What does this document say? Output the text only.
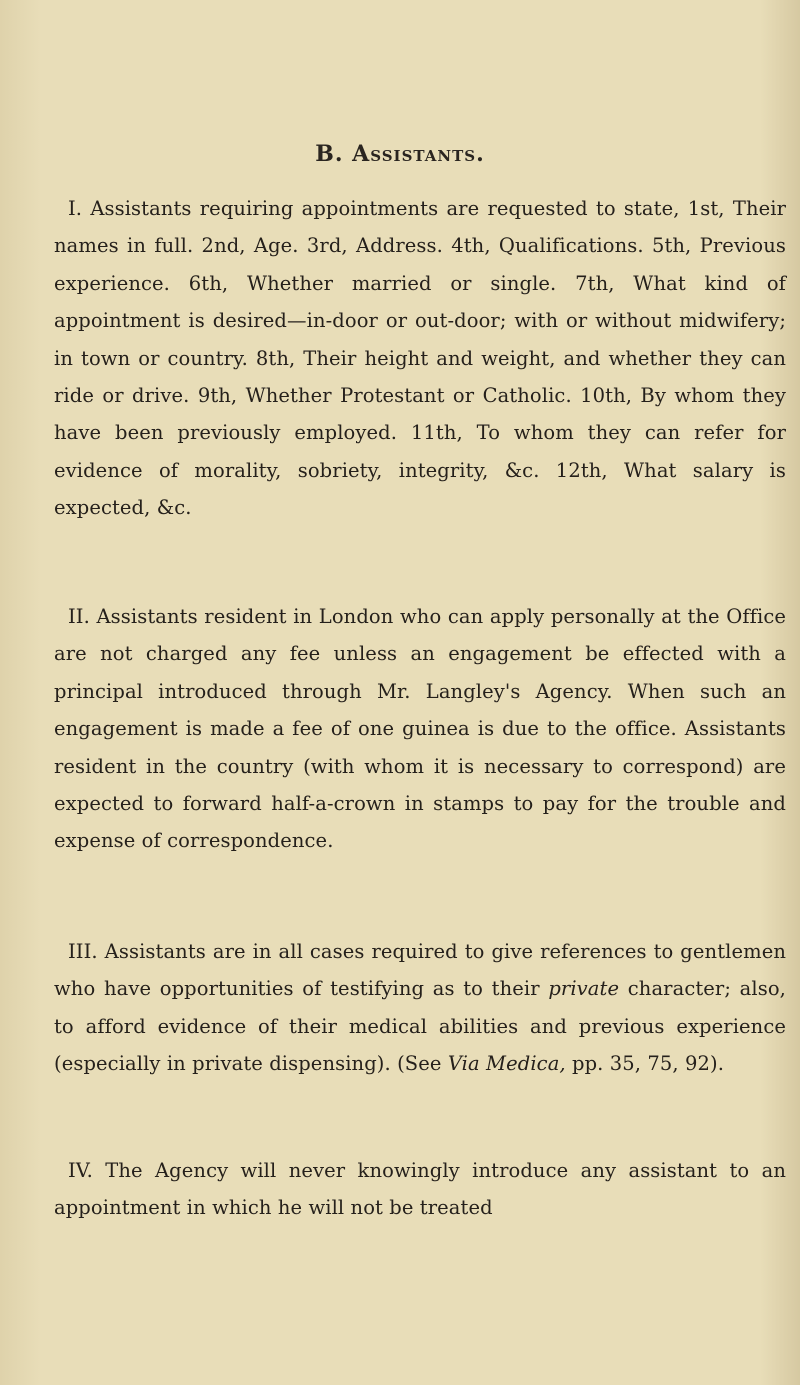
B. Assistants.

I. Assistants requiring appointments are requested to state, 1st, Their names in full. 2nd, Age. 3rd, Address. 4th, Qualifications. 5th, Previous experience. 6th, Whether married or single. 7th, What kind of appointment is desired—in-door or out-door; with or without midwifery; in town or country. 8th, Their height and weight, and whether they can ride or drive. 9th, Whether Protestant or Catholic. 10th, By whom they have been previously employed. 11th, To whom they can refer for evidence of morality, sobriety, integrity, &c. 12th, What salary is expected, &c.

II. Assistants resident in London who can apply personally at the Office are not charged any fee unless an engagement be effected with a principal introduced through Mr. Langley's Agency. When such an engagement is made a fee of one guinea is due to the office. Assistants resident in the country (with whom it is necessary to correspond) are expected to forward half-a-crown in stamps to pay for the trouble and expense of correspondence.

III. Assistants are in all cases required to give references to gentlemen who have opportunities of testifying as to their private character; also, to afford evidence of their medical abilities and previous experience (especially in private dispensing). (See Via Medica, pp. 35, 75, 92).

IV. The Agency will never knowingly introduce any assistant to an appointment in which he will not be treated
